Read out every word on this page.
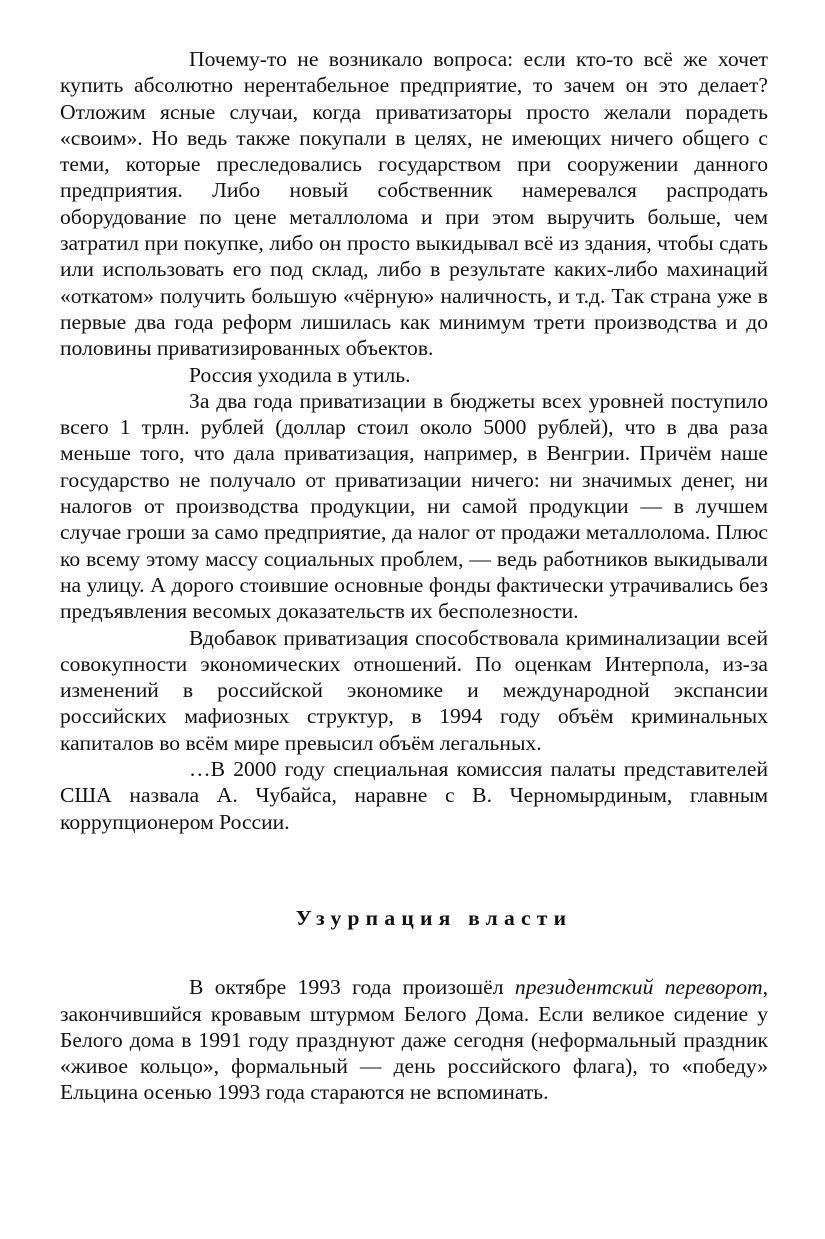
Почему-то не возникало вопроса: если кто-то всё же хочет купить абсолютно нерентабельное предприятие, то зачем он это делает? Отложим ясные случаи, когда приватизаторы просто желали порадеть «своим». Но ведь также покупали в целях, не имеющих ничего общего с теми, которые преследовались государством при сооружении данного предприятия. Либо новый собственник намеревался распродать оборудование по цене металлолома и при этом выручить больше, чем затратил при покупке, либо он просто выкидывал всё из здания, чтобы сдать или использовать его под склад, либо в результате каких-либо махинаций «откатом» получить большую «чёрную» наличность, и т.д. Так страна уже в первые два года реформ лишилась как минимум трети производства и до половины приватизированных объектов.

Россия уходила в утиль.

За два года приватизации в бюджеты всех уровней поступило всего 1 трлн. рублей (доллар стоил около 5000 рублей), что в два раза меньше того, что дала приватизация, например, в Венгрии. Причём наше государство не получало от приватизации ничего: ни значимых денег, ни налогов от производства продукции, ни самой продукции — в лучшем случае гроши за само предприятие, да налог от продажи металлолома. Плюс ко всему этому массу социальных проблем, — ведь работников выкидывали на улицу. А дорого стоившие основные фонды фактически утрачивались без предъявления весомых доказательств их бесполезности.

Вдобавок приватизация способствовала криминализации всей совокупности экономических отношений. По оценкам Интерпола, из-за изменений в российской экономике и международной экспансии российских мафиозных структур, в 1994 году объём криминальных капиталов во всём мире превысил объём легальных.

…В 2000 году специальная комиссия палаты представителей США назвала А. Чубайса, наравне с В. Черномырдиным, главным коррупционером России.

Узурпация власти

В октябре 1993 года произошёл президентский переворот, закончившийся кровавым штурмом Белого Дома. Если великое сидение у Белого дома в 1991 году празднуют даже сегодня (неформальный праздник «живое кольцо», формальный — день российского флага), то «победу» Ельцина осенью 1993 года стараются не вспоминать.
